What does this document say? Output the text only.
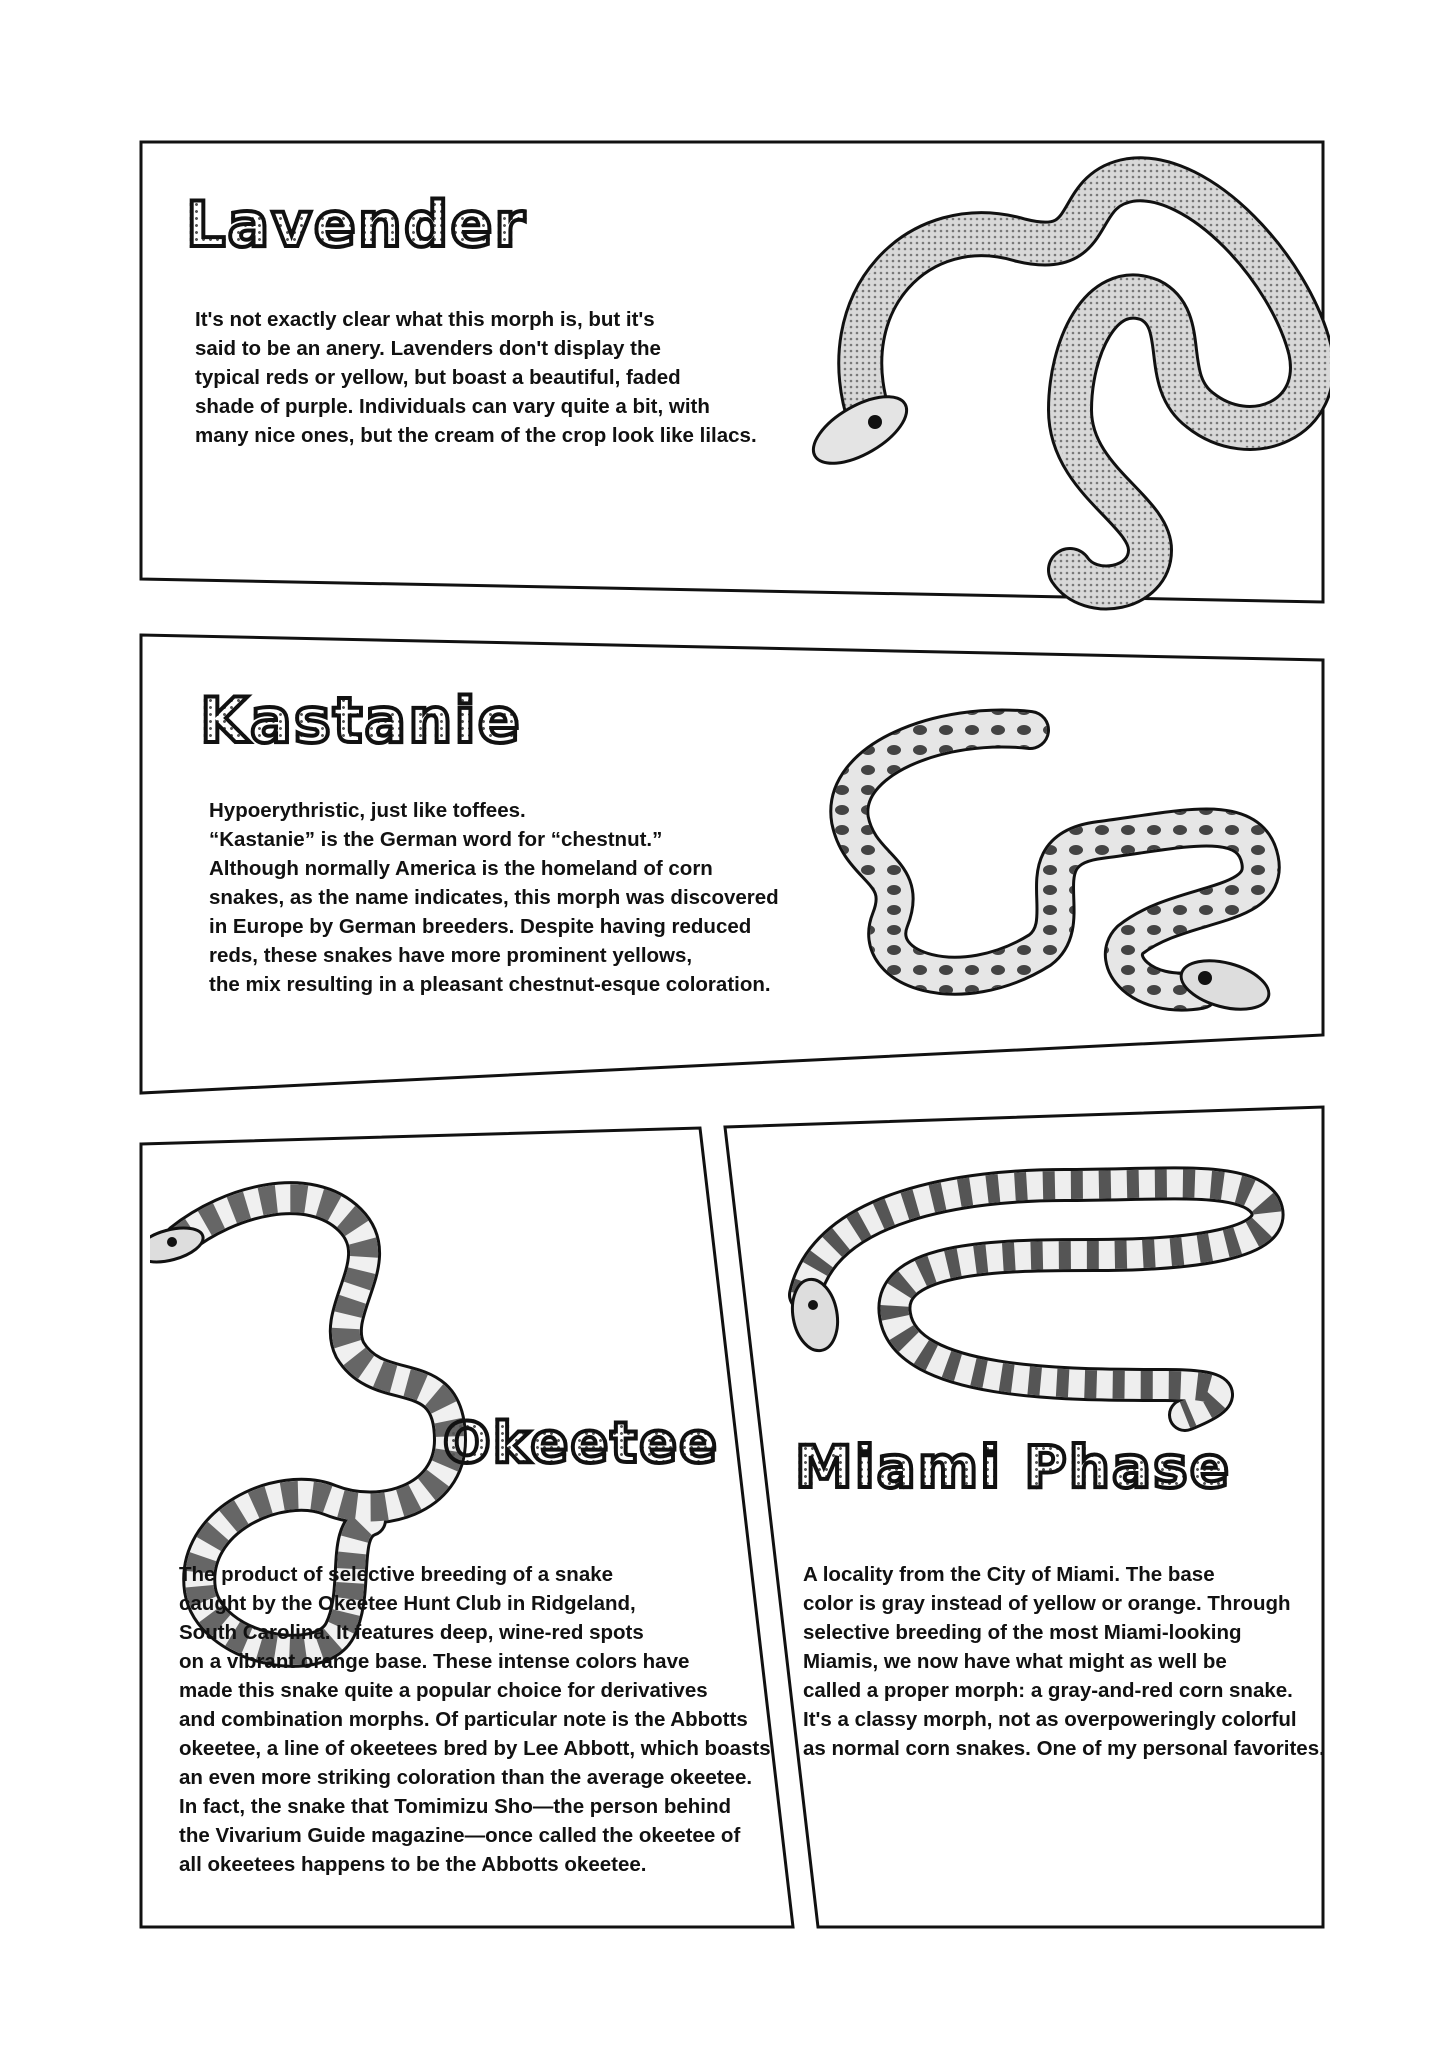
Lavender
Kastanie
Okeetee Miami Phase
It's not exactly clear what this morph is, but it's
said to be an anery. Lavenders don't display the
typical reds or yellow, but boast a beautiful, faded
shade of purple. Individuals can vary quite a bit, with
many nice ones, but the cream of the crop look like lilacs.
Hypoerythristic, just like toffees.
“Kastanie” is the German word for “chestnut.”
Although normally America is the homeland of corn
snakes, as the name indicates, this morph was discovered
in Europe by German breeders. Despite having reduced
reds, these snakes have more prominent yellows,
the mix resulting in a pleasant chestnut-esque coloration.
The product of selective breeding of a snake
caught by the Okeetee Hunt Club in Ridgeland,
South Carolina. It features deep, wine-red spots
on a vibrant orange base. These intense colors have
made this snake quite a popular choice for derivatives
and combination morphs. Of particular note is the Abbotts
okeetee, a line of okeetees bred by Lee Abbott, which boasts
an even more striking coloration than the average okeetee.
In fact, the snake that Tomimizu Sho—the person behind
the Vivarium Guide magazine—once called the okeetee of
all okeetees happens to be the Abbotts okeetee.
A locality from the City of Miami. The base
color is gray instead of yellow or orange. Through
selective breeding of the most Miami-looking
Miamis, we now have what might as well be
called a proper morph: a gray-and-red corn snake.
It's a classy morph, not as overpoweringly colorful
as normal corn snakes. One of my personal favorites.
